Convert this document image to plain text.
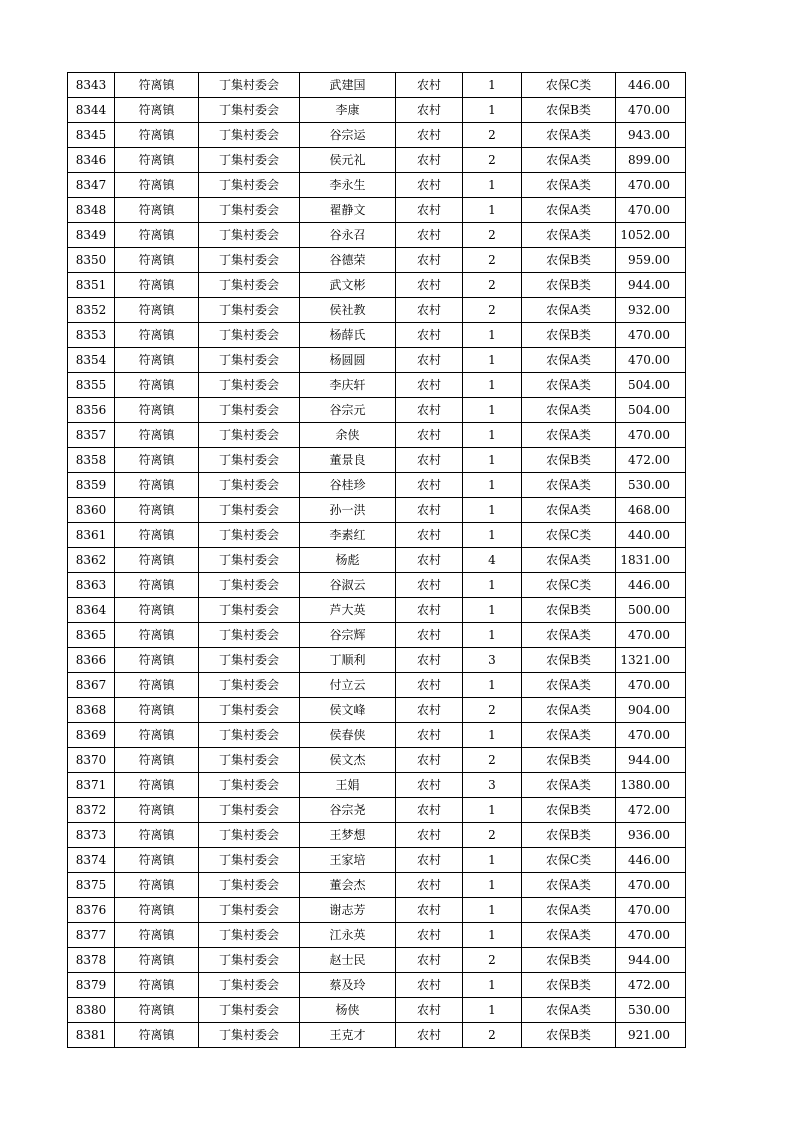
8343	符离镇	丁集村委会	武建国	农村	1	农保C类	446.00
8344	符离镇	丁集村委会	李康	农村	1	农保B类	470.00
8345	符离镇	丁集村委会	谷宗运	农村	2	农保A类	943.00
8346	符离镇	丁集村委会	侯元礼	农村	2	农保A类	899.00
8347	符离镇	丁集村委会	李永生	农村	1	农保A类	470.00
8348	符离镇	丁集村委会	翟静文	农村	1	农保A类	470.00
8349	符离镇	丁集村委会	谷永召	农村	2	农保A类	1052.00
8350	符离镇	丁集村委会	谷德荣	农村	2	农保B类	959.00
8351	符离镇	丁集村委会	武文彬	农村	2	农保B类	944.00
8352	符离镇	丁集村委会	侯社教	农村	2	农保A类	932.00
8353	符离镇	丁集村委会	杨薛氏	农村	1	农保B类	470.00
8354	符离镇	丁集村委会	杨圆圆	农村	1	农保A类	470.00
8355	符离镇	丁集村委会	李庆轩	农村	1	农保A类	504.00
8356	符离镇	丁集村委会	谷宗元	农村	1	农保A类	504.00
8357	符离镇	丁集村委会	余侠	农村	1	农保A类	470.00
8358	符离镇	丁集村委会	董景良	农村	1	农保B类	472.00
8359	符离镇	丁集村委会	谷桂珍	农村	1	农保A类	530.00
8360	符离镇	丁集村委会	孙一洪	农村	1	农保A类	468.00
8361	符离镇	丁集村委会	李素红	农村	1	农保C类	440.00
8362	符离镇	丁集村委会	杨彪	农村	4	农保A类	1831.00
8363	符离镇	丁集村委会	谷淑云	农村	1	农保C类	446.00
8364	符离镇	丁集村委会	芦大英	农村	1	农保B类	500.00
8365	符离镇	丁集村委会	谷宗辉	农村	1	农保A类	470.00
8366	符离镇	丁集村委会	丁顺利	农村	3	农保B类	1321.00
8367	符离镇	丁集村委会	付立云	农村	1	农保A类	470.00
8368	符离镇	丁集村委会	侯文峰	农村	2	农保A类	904.00
8369	符离镇	丁集村委会	侯春侠	农村	1	农保A类	470.00
8370	符离镇	丁集村委会	侯文杰	农村	2	农保B类	944.00
8371	符离镇	丁集村委会	王娟	农村	3	农保A类	1380.00
8372	符离镇	丁集村委会	谷宗尧	农村	1	农保B类	472.00
8373	符离镇	丁集村委会	王梦想	农村	2	农保B类	936.00
8374	符离镇	丁集村委会	王家培	农村	1	农保C类	446.00
8375	符离镇	丁集村委会	董会杰	农村	1	农保A类	470.00
8376	符离镇	丁集村委会	谢志芳	农村	1	农保A类	470.00
8377	符离镇	丁集村委会	江永英	农村	1	农保A类	470.00
8378	符离镇	丁集村委会	赵士民	农村	2	农保B类	944.00
8379	符离镇	丁集村委会	蔡及玲	农村	1	农保B类	472.00
8380	符离镇	丁集村委会	杨侠	农村	1	农保A类	530.00
8381	符离镇	丁集村委会	王克才	农村	2	农保B类	921.00
